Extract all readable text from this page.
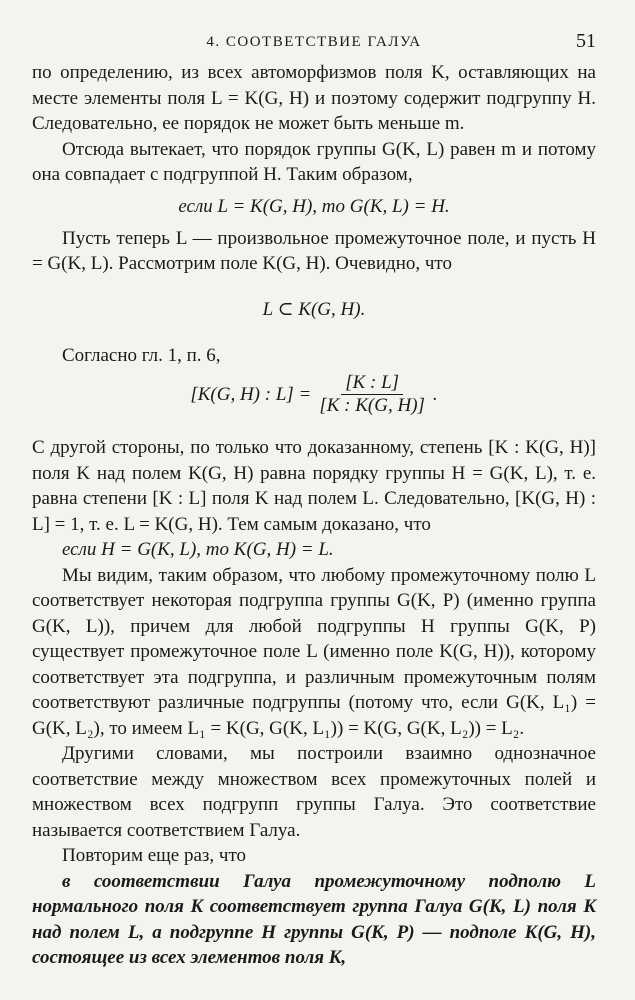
4. СООТВЕТСТВИЕ ГАЛУА	51

по определению, из всех автоморфизмов поля K, оставляющих на месте элементы поля L = K(G, H) и поэтому содержит подгруппу H. Следовательно, ее порядок не может быть меньше m.

Отсюда вытекает, что порядок группы G(K, L) равен m и потому она совпадает с подгруппой H. Таким образом,

если L = K(G, H), то G(K, L) = H.

Пусть теперь L — произвольное промежуточное поле, и пусть H = G(K, L). Рассмотрим поле K(G, H). Очевидно, что

L ⊂ K(G, H).

Согласно гл. 1, п. 6,

[K(G, H) : $L] = \frac{[K : L]}{[K : K(G, H)]}$ .

С другой стороны, по только что доказанному, степень [K : K(G, H)] поля K над полем K(G, H) равна порядку группы H = G(K, L), т. е. равна степени [K : L] поля K над полем L. Следовательно, [K(G, H) : L] = 1, т. е. L = K(G, H). Тем самым доказано, что

если H = G(K, L), то K(G, H) = L.

Мы видим, таким образом, что любому промежуточному полю L соответствует некоторая подгруппа группы G(K, P) (именно группа G(K, L)), причем для любой подгруппы H группы G(K, P) существует промежуточное поле L (именно поле K(G, H)), которому соответствует эта подгруппа, и различным промежуточным полям соответствуют различные подгруппы (потому что, если G(K, L₁) = G(K, L₂), то имеем L₁ = K(G, G(K, L₁)) = K(G, G(K, L₂)) = L₂.

Другими словами, мы построили взаимно однозначное соответствие между множеством всех промежуточных полей и множеством всех подгрупп группы Галуа. Это соответствие называется соответствием Галуа.

Повторим еще раз, что

в соответствии Галуа промежуточному подполю L нормального поля K соответствует группа Галуа G(K, L) поля K над полем L, а подгруппе H группы G(K, P) — подполе K(G, H), состоящее из всех элементов поля K,
